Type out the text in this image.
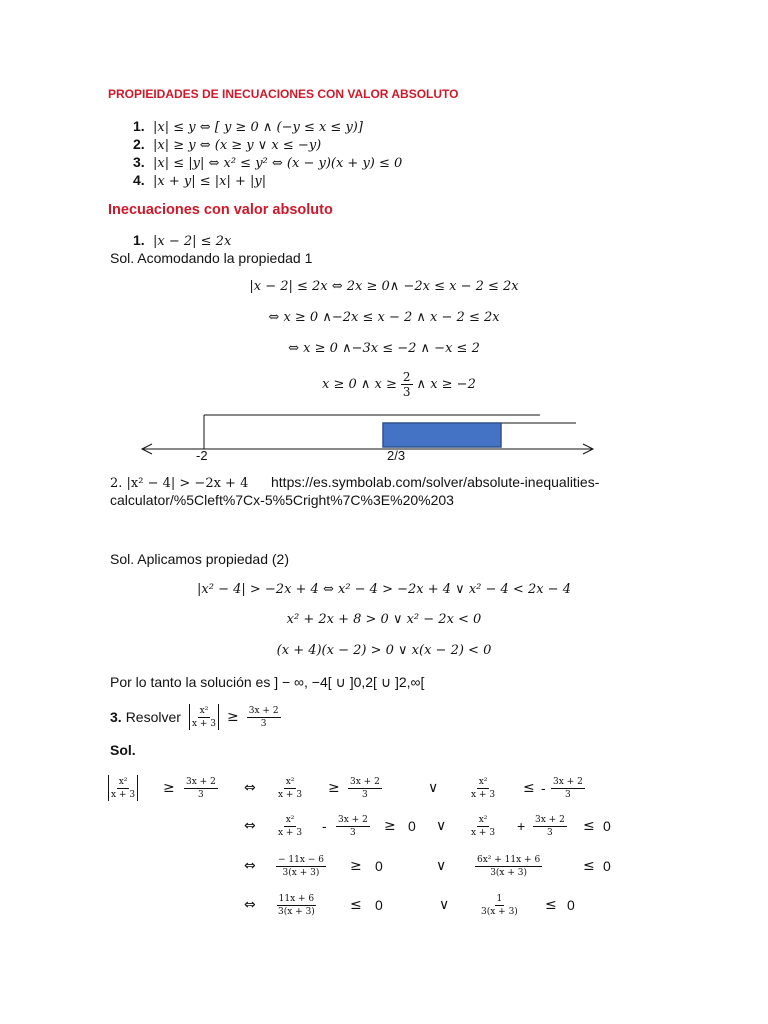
PROPIEIDADES DE INECUACIONES CON VALOR ABSOLUTO
1. |x| ≤ y ⇔ [ y ≥ 0 ∧ (−y ≤ x ≤ y)]
2. |x| ≥ y ⇔ (x ≥ y ∨ x ≤ −y)
3. |x| ≤ |y| ⇔ x² ≤ y² ⇔ (x − y)(x + y) ≤ 0
4. |x + y| ≤ |x| + |y|
Inecuaciones con valor absoluto
1. |x − 2| ≤ 2x
Sol. Acomodando la propiedad 1
|x − 2| ≤ 2x ⇔ 2x ≥ 0∧ −2x ≤ x − 2 ≤ 2x
⇔ x ≥ 0 ∧−2x ≤ x − 2 ∧ x − 2 ≤ 2x
⇔ x ≥ 0 ∧−3x ≤ −2 ∧ −x ≤ 2
x ≥ 0 ∧ $x \ge \frac{2}{3}$ ∧ x ≥ −2
-2	2/3
2. |x² − 4| > −2x + 4 https://es.symbolab.com/solver/absolute-inequalities-
calculator/%5Cleft%7Cx-5%5Cright%7C%3E%20%203
Sol. Aplicamos propiedad (2)
|x² − 4| > −2x + 4 ⇔ x² − 4 > −2x + 4 ∨ x² − 4 < 2x − 4
x² + 2x + 8 > 0 ∨ x² − 2x < 0
(x + 4)(x − 2) > 0 ∨ x(x − 2) < 0
Por lo tanto la solución es ] − ∞, −4[ ∪ ]0,2[ ∪ ]2,∞[
3. Resolver $\frac{\text{x²}}{x + 3} \ge \frac{3x + 2}{3}$
Sol.
$\frac{\text{x²}}{x + 3} \ge \frac{3x + 2}{3}$ ⇔ $\frac{\text{x²}}{x + 3} \ge \frac{3x + 2}{3}$	∨	$\frac{\text{x²}}{x + 3}$ ≤ - $\frac{3x + 2}{3}$
⇔ $\frac{\text{x²}}{x + 3} - \frac{3x + 2}{3} \ge 0$ ∨	$\frac{\text{x²}}{x + 3} + \frac{3x + 2}{3} \le 0$
⇔ $\frac{- 11x - 6}{3(x + 3)} \ge 0$	∨	$\frac{\text{6x² + 11x + 6}}{3(x + 3)}$	≤ 0
⇔ $\frac{11x + 6}{3(x + 3)} \le 0$	∨	$\frac{1}{3(x + 3)} \le 0$
